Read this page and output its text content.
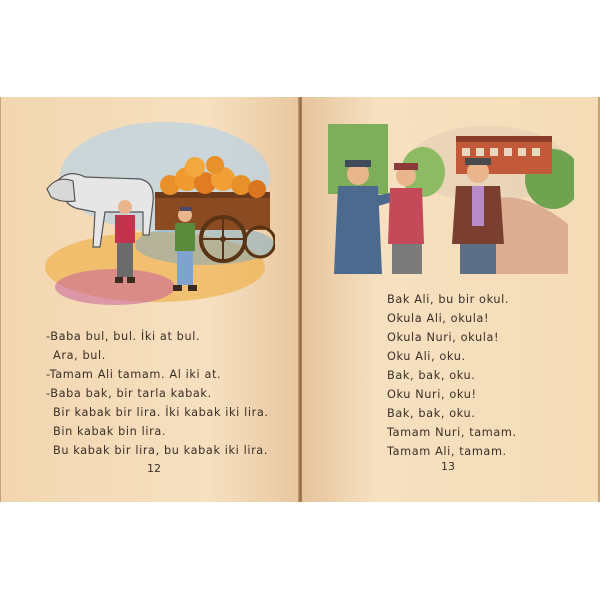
-Baba bul, bul. İki at bul.
Ara, bul.
-Tamam Ali tamam. Al iki at.
-Baba bak, bir tarla kabak.
Bir kabak bir lira. İki kabak iki lira.
Bin kabak bin lira.
Bu kabak bir lira, bu kabak iki lira.
12
Bak Ali, bu bir okul.
Okula Ali, okula!
Okula Nuri, okula!
Oku Ali, oku.
Bak, bak, oku.
Oku Nuri, oku!
Bak, bak, oku.
Tamam Nuri, tamam.
Tamam Ali, tamam.
13
